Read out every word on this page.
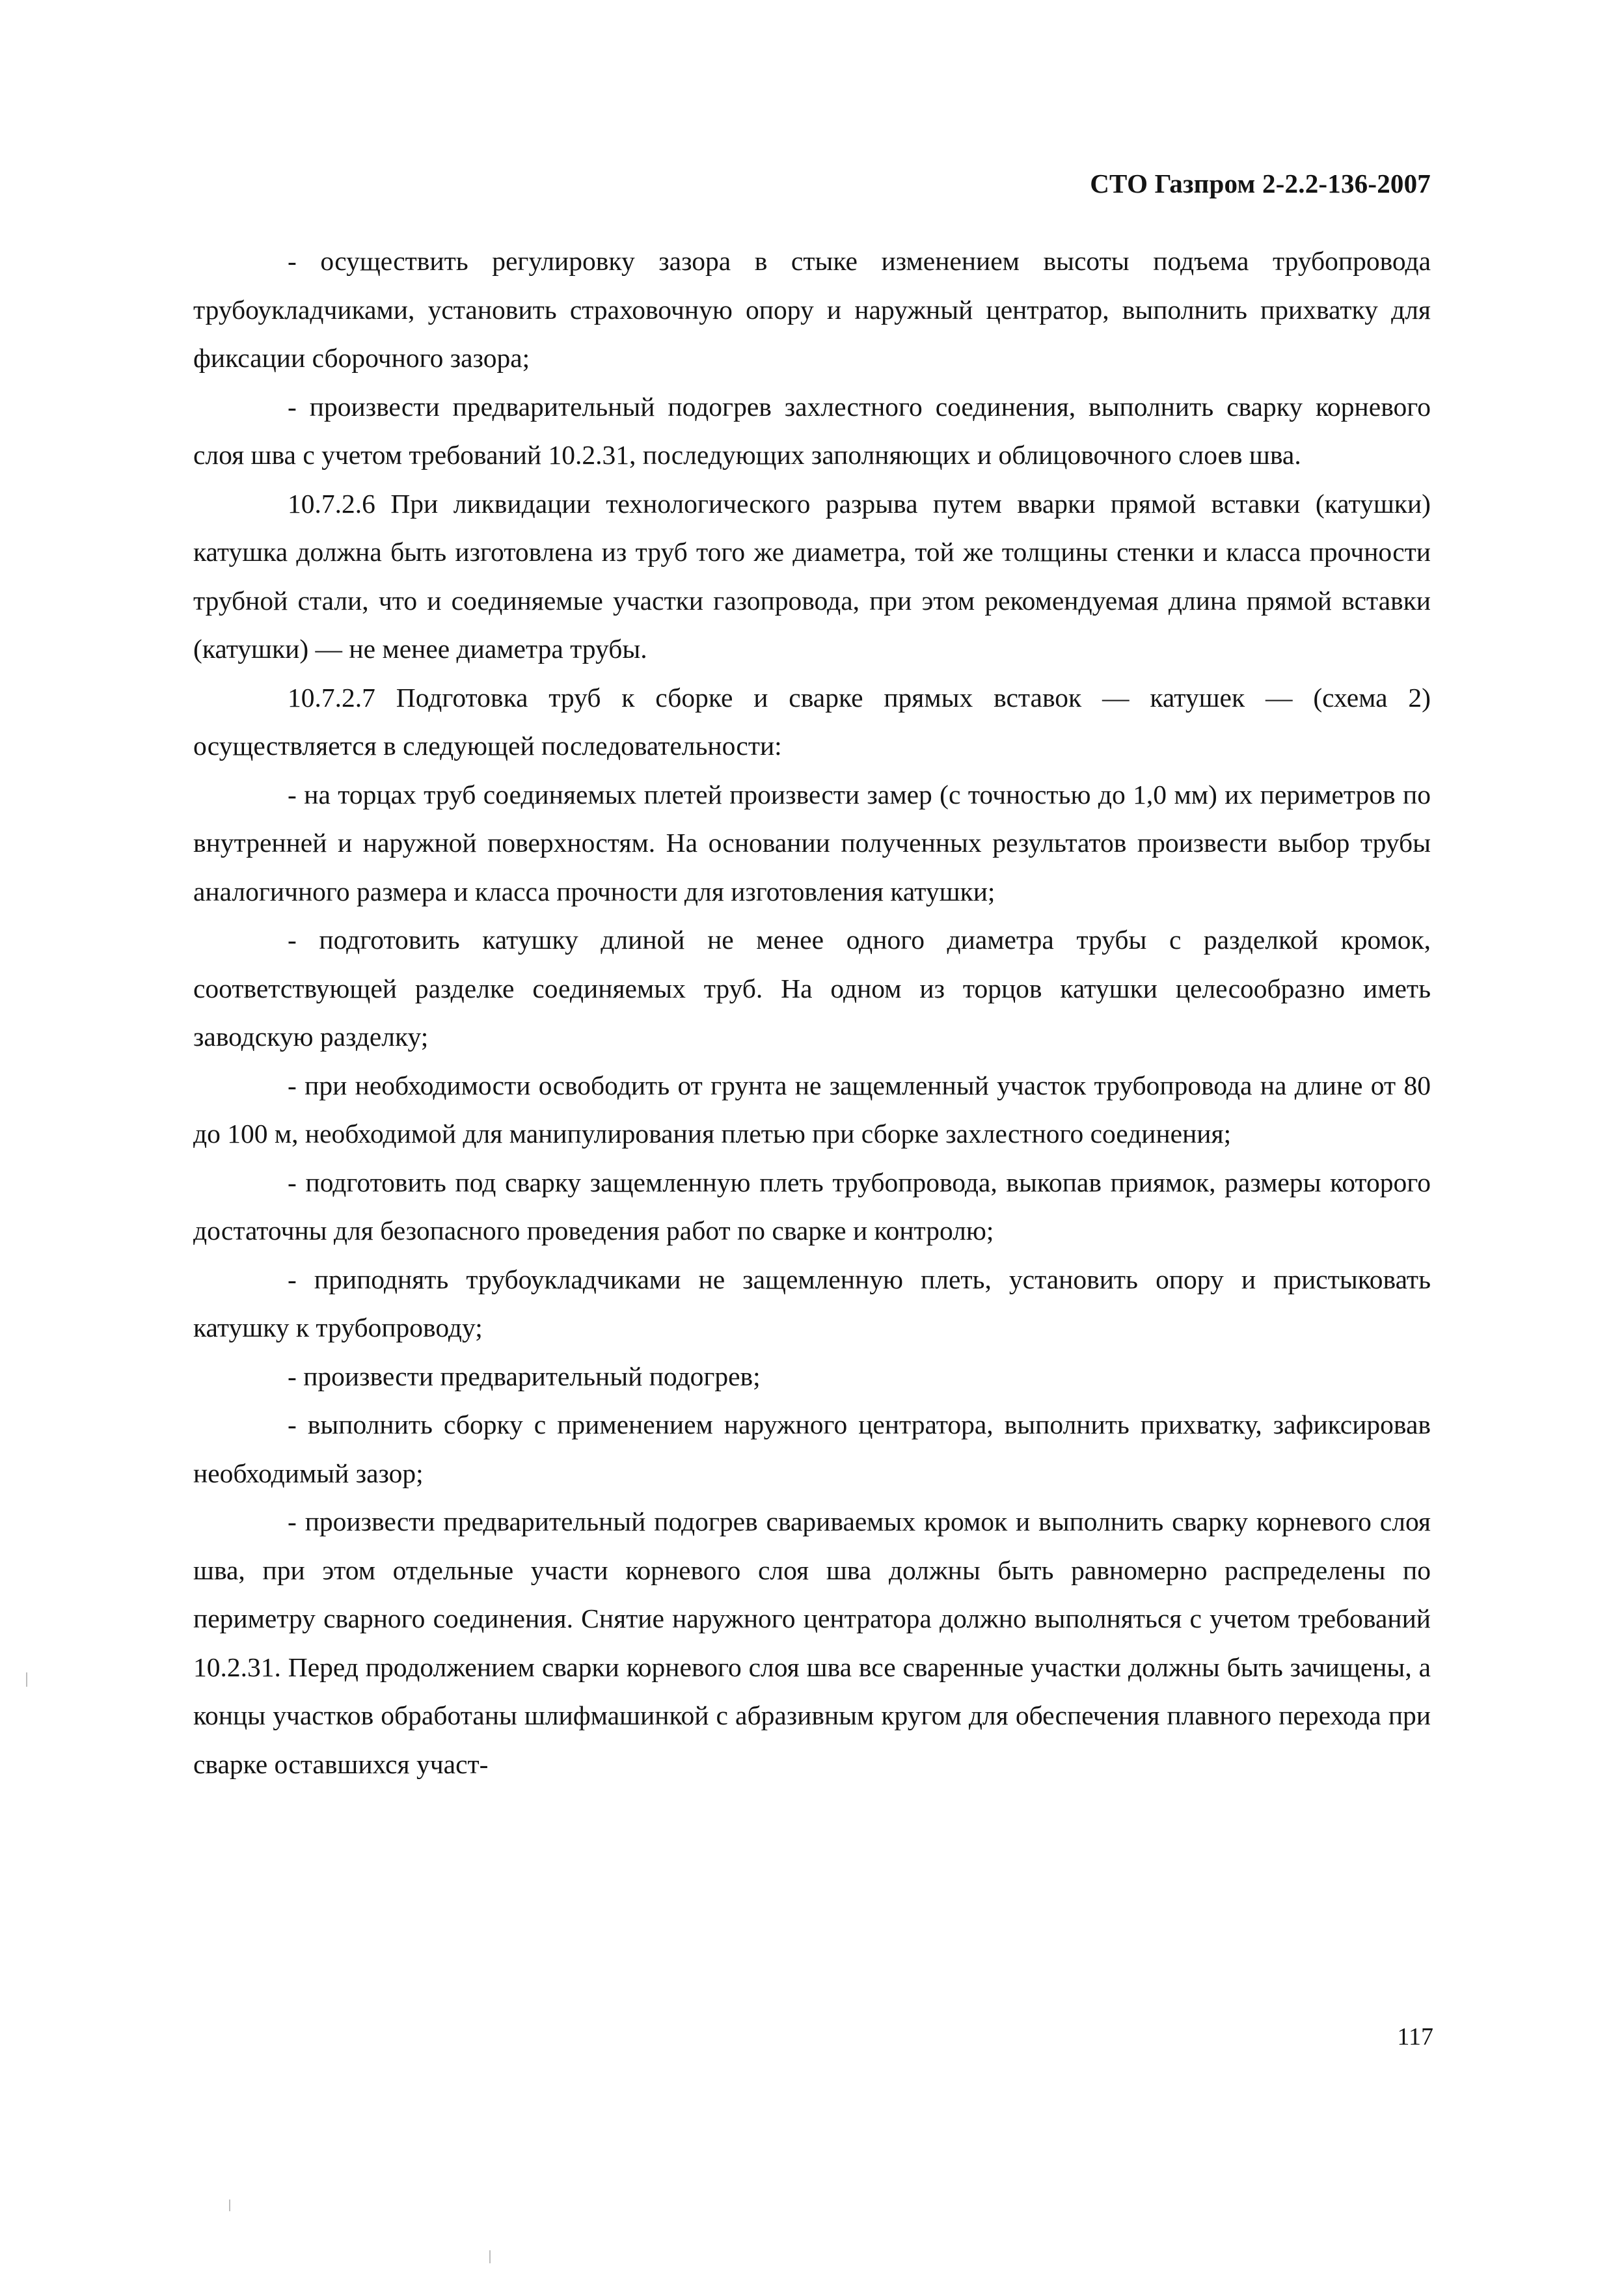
СТО Газпром 2-2.2-136-2007

- осуществить регулировку зазора в стыке изменением высоты подъема трубопровода трубоукладчиками, установить страховочную опору и наружный центратор, выполнить прихватку для фиксации сборочного зазора;

- произвести предварительный подогрев захлестного соединения, выполнить сварку корневого слоя шва с учетом требований 10.2.31, последующих заполняющих и облицовочного слоев шва.

10.7.2.6 При ликвидации технологического разрыва путем вварки прямой вставки (катушки) катушка должна быть изготовлена из труб того же диаметра, той же толщины стенки и класса прочности трубной стали, что и соединяемые участки газопровода, при этом рекомендуемая длина прямой вставки (катушки) — не менее диаметра трубы.

10.7.2.7 Подготовка труб к сборке и сварке прямых вставок — катушек — (схема 2) осуществляется в следующей последовательности:

- на торцах труб соединяемых плетей произвести замер (с точностью до 1,0 мм) их периметров по внутренней и наружной поверхностям. На основании полученных результатов произвести выбор трубы аналогичного размера и класса прочности для изготовления катушки;

- подготовить катушку длиной не менее одного диаметра трубы с разделкой кромок, соответствующей разделке соединяемых труб. На одном из торцов катушки целесообразно иметь заводскую разделку;

- при необходимости освободить от грунта не защемленный участок трубопровода на длине от 80 до 100 м, необходимой для манипулирования плетью при сборке захлестного соединения;

- подготовить под сварку защемленную плеть трубопровода, выкопав приямок, размеры которого достаточны для безопасного проведения работ по сварке и контролю;

- приподнять трубоукладчиками не защемленную плеть, установить опору и пристыковать катушку к трубопроводу;

- произвести предварительный подогрев;

- выполнить сборку с применением наружного центратора, выполнить прихватку, зафиксировав необходимый зазор;

- произвести предварительный подогрев свариваемых кромок и выполнить сварку корневого слоя шва, при этом отдельные участи корневого слоя шва должны быть равномерно распределены по периметру сварного соединения. Снятие наружного центратора должно выполняться с учетом требований 10.2.31. Перед продолжением сварки корневого слоя шва все сваренные участки должны быть зачищены, а концы участков обработаны шлифмашинкой с абразивным кругом для обеспечения плавного перехода при сварке оставшихся участ-

117
